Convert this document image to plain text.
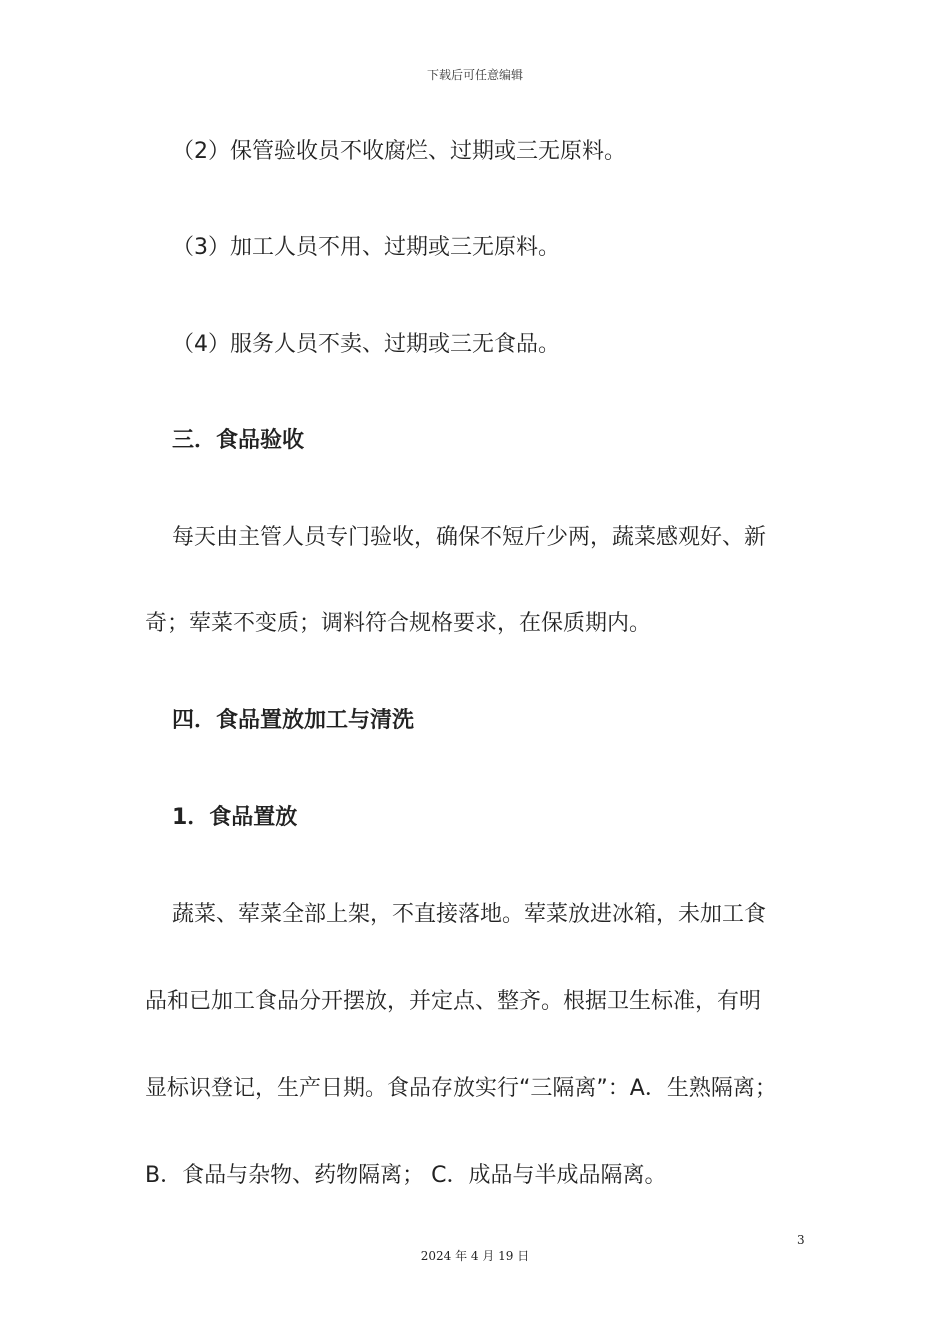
下载后可任意编辑
（2）保管验收员不收腐烂、过期或三无原料。
（3）加工人员不用、过期或三无原料。
（4）服务人员不卖、过期或三无食品。
三．食品验收
每天由主管人员专门验收，确保不短斤少两，蔬菜感观好、新
奇；荤菜不变质；调料符合规格要求，在保质期内。
四．食品置放加工与清洗
1．食品置放
蔬菜、荤菜全部上架，不直接落地。荤菜放进冰箱，未加工食
品和已加工食品分开摆放，并定点、整齐。根据卫生标准，有明
显标识登记，生产日期。食品存放实行“三隔离”：A．生熟隔离；
B．食品与杂物、药物隔离； C．成品与半成品隔离。
3
2024 年 4 月 19 日
